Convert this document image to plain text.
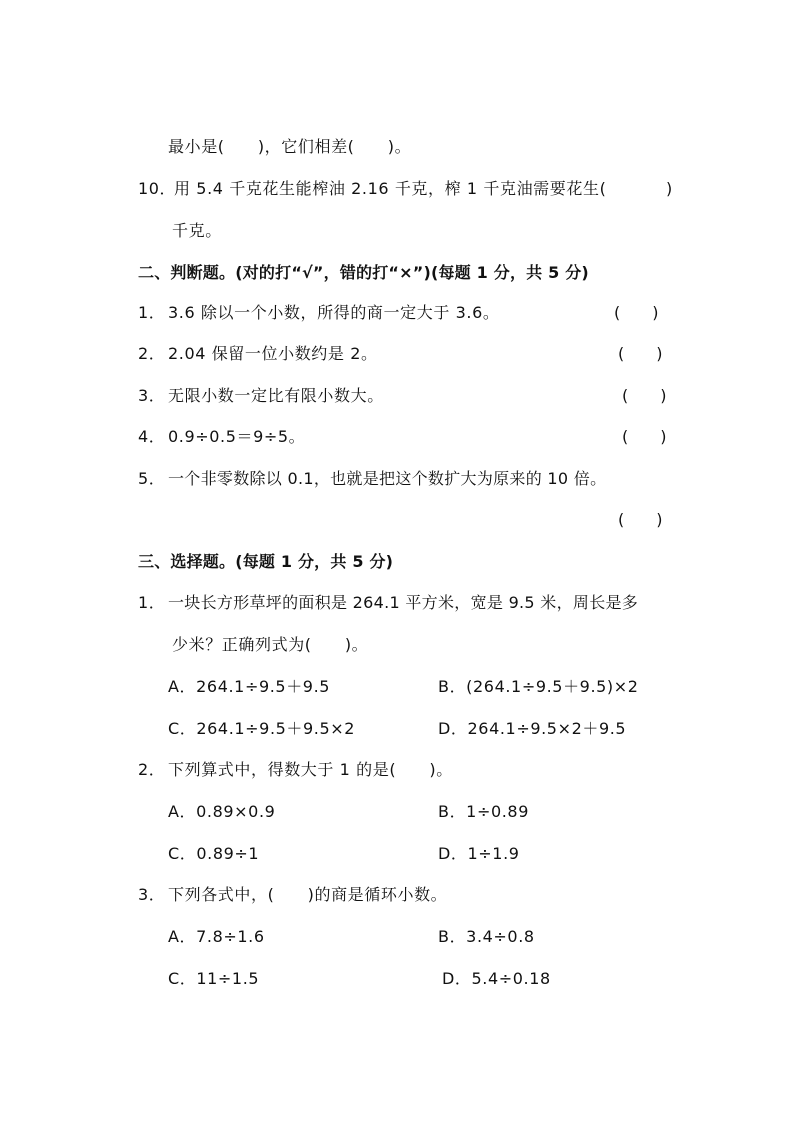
最小是(　　)，它们相差(　　)。
10．
用 5.4 千克花生能榨油 2.16 千克，榨 1 千克油需要花生(	)
千克。
二、判断题。(对的打“√”，错的打“×”)(每题 1 分，共 5 分)
1． 3.6 除以一个小数，所得的商一定大于 3.6。	(　　)
2． 2.04 保留一位小数约是 2。	(　　)
3． 无限小数一定比有限小数大。	(　　)
4． 0.9÷0.5＝9÷5。	(　　)
5． 一个非零数除以 0.1，也就是把这个数扩大为原来的 10 倍。
(　　)
三、选择题。(每题 1 分，共 5 分)
1． 一块长方形草坪的面积是 264.1 平方米，宽是 9.5 米，周长是多
少米？正确列式为(　　)。
A．264.1÷9.5＋9.5	B．(264.1÷9.5＋9.5)×2
C．264.1÷9.5＋9.5×2	D．264.1÷9.5×2＋9.5
2． 下列算式中，得数大于 1 的是(　　)。
A．0.89×0.9	B．1÷0.89
C．0.89÷1	D．1÷1.9
3． 下列各式中，(　　)的商是循环小数。
A．7.8÷1.6	B．3.4÷0.8
C．11÷1.5	D．5.4÷0.18
